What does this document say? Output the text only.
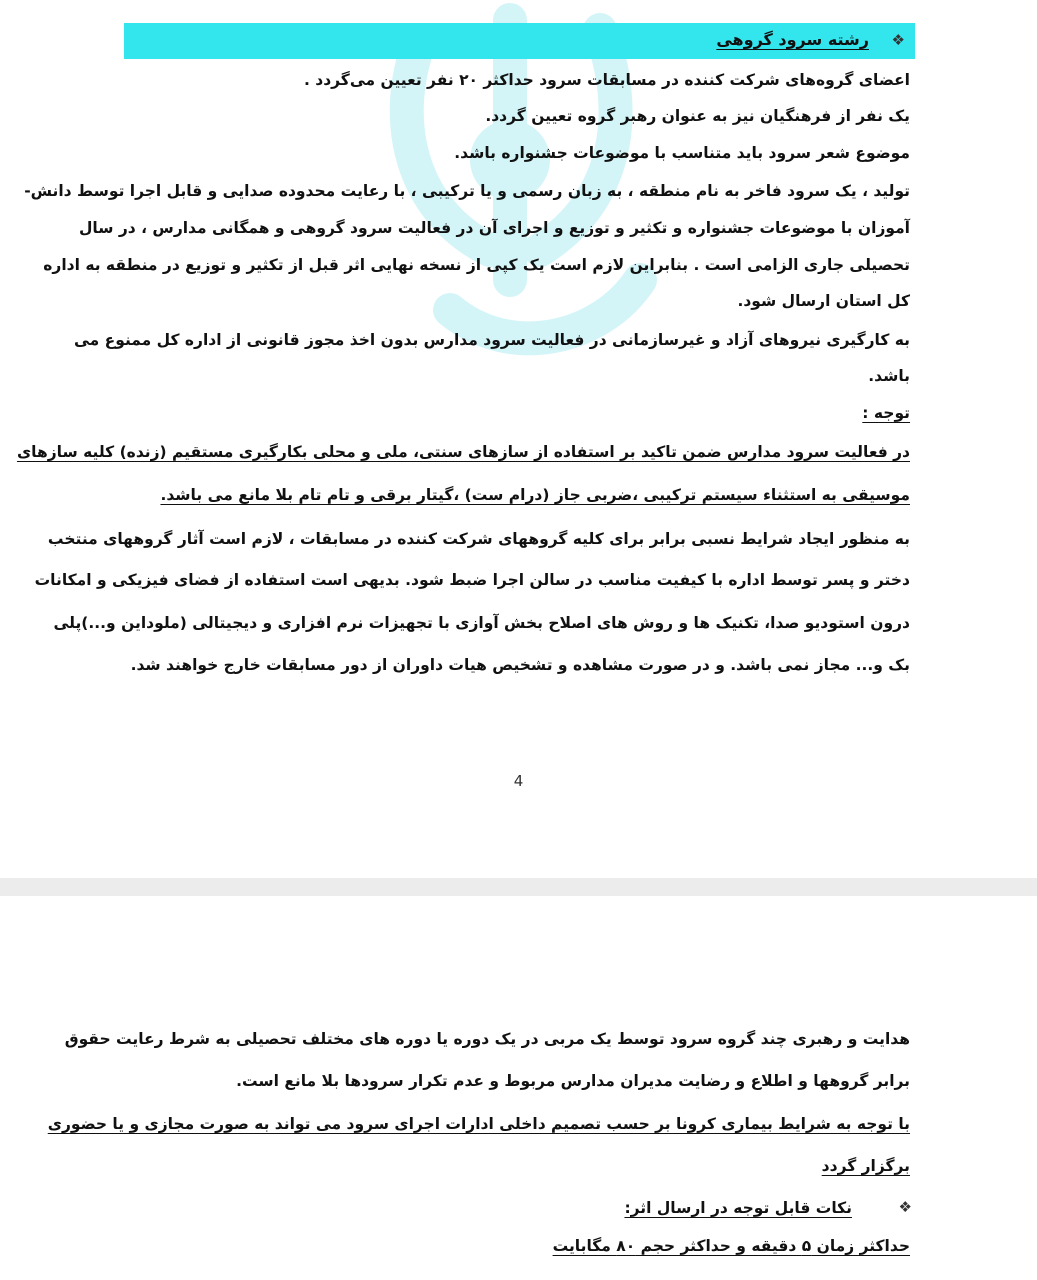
❖
رشته سرود گروهی
اعضای گروه‌های شرکت کننده در مسابقات سرود حداکثر ۲۰ نفر تعیین می‌گردد .
یک نفر از فرهنگیان نیز به عنوان رهبر گروه تعیین گردد.
موضوع شعر سرود باید متناسب با موضوعات جشنواره باشد.
تولید ، یک سرود فاخر به نام منطقه ، به زبان رسمی و یا ترکیبی ، با رعایت محدوده صدایی و قابل اجرا توسط دانش-
آموزان با موضوعات جشنواره و تکثیر و توزیع و اجرای آن در فعالیت سرود گروهی و همگانی مدارس ، در سال
تحصیلی جاری الزامی است . بنابراین لازم است یک کپی از نسخه نهایی اثر قبل از تکثیر و توزیع در منطقه به اداره
کل استان ارسال شود.
به کارگیری نیروهای آزاد و غیرسازمانی در فعالیت سرود مدارس بدون اخذ مجوز قانونی از اداره کل ممنوع می
باشد.
توجه :
در فعالیت سرود مدارس ضمن تاکید بر استفاده از سازهای سنتی، ملی و محلی بکارگیری مستقیم (زنده) کلیه سازهای
موسیقی به استثناء سیستم ترکیبی ،ضربی جاز (درام ست) ،گیتار برقی و تام تام بلا مانع می باشد.
به منظور ایجاد شرایط نسبی برابر برای کلیه گروههای شرکت کننده در مسابقات ، لازم است آثار گروههای منتخب
دختر و پسر توسط اداره با کیفیت مناسب در سالن اجرا ضبط شود. بدیهی است استفاده از فضای فیزیکی و امکانات
درون استودیو صدا، تکنیک ها و روش های اصلاح بخش آوازی با تجهیزات نرم افزاری و دیجیتالی (ملوداین و...)پلی
بک و... مجاز نمی باشد. و در صورت مشاهده و تشخیص هیات داوران از دور مسابقات خارج خواهند شد.
4
هدایت و رهبری چند گروه سرود توسط یک مربی در یک دوره یا دوره های مختلف تحصیلی به شرط رعایت حقوق
برابر گروهها و اطلاع و رضایت مدیران مدارس مربوط و عدم تکرار سرودها بلا مانع است.
با توجه به شرایط بیماری کرونا بر حسب تصمیم داخلی ادارات اجرای سرود می تواند به صورت مجازی و یا حضوری
برگزار گردد
❖
نکات قابل توجه در ارسال اثر:
حداکثر زمان ۵ دقیقه و حداکثر حجم ۸۰ مگابایت
